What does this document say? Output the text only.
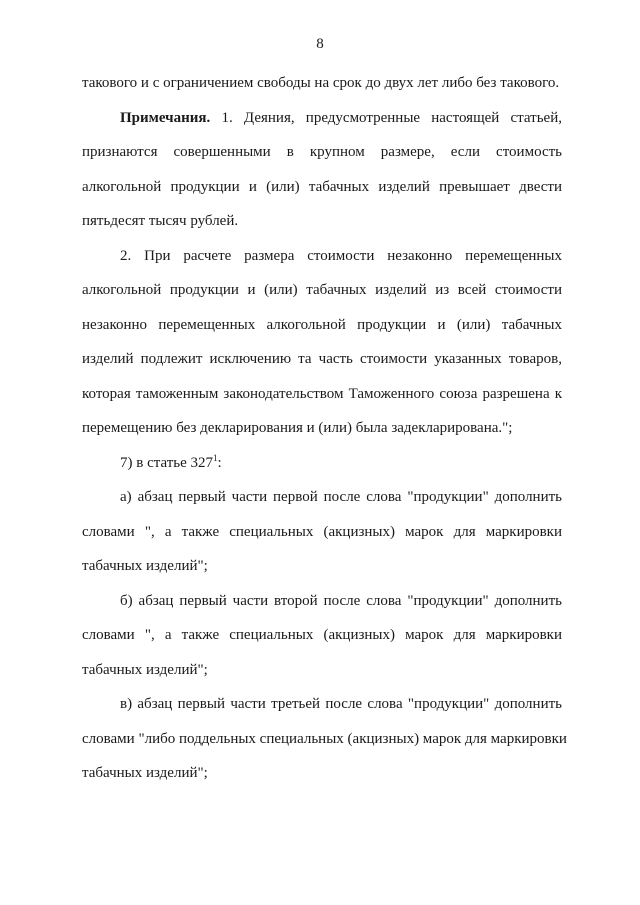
8
такового и с ограничением свободы на срок до двух лет либо без такового.
Примечания. 1. Деяния, предусмотренные настоящей статьей,
признаются совершенными в крупном размере, если стоимость
алкогольной продукции и (или) табачных изделий превышает двести
пятьдесят тысяч рублей.
2. При расчете размера стоимости незаконно перемещенных
алкогольной продукции и (или) табачных изделий из всей стоимости
незаконно перемещенных алкогольной продукции и (или) табачных
изделий подлежит исключению та часть стоимости указанных товаров,
которая таможенным законодательством Таможенного союза разрешена к
перемещению без декларирования и (или) была задекларирована.";
7) в статье $327^1$:
а) абзац первый части первой после слова "продукции" дополнить
словами ", а также специальных (акцизных) марок для маркировки
табачных изделий";
б) абзац первый части второй после слова "продукции" дополнить
словами ", а также специальных (акцизных) марок для маркировки
табачных изделий";
в) абзац первый части третьей после слова "продукции" дополнить
словами "либо поддельных специальных (акцизных) марок для маркировки
табачных изделий";
